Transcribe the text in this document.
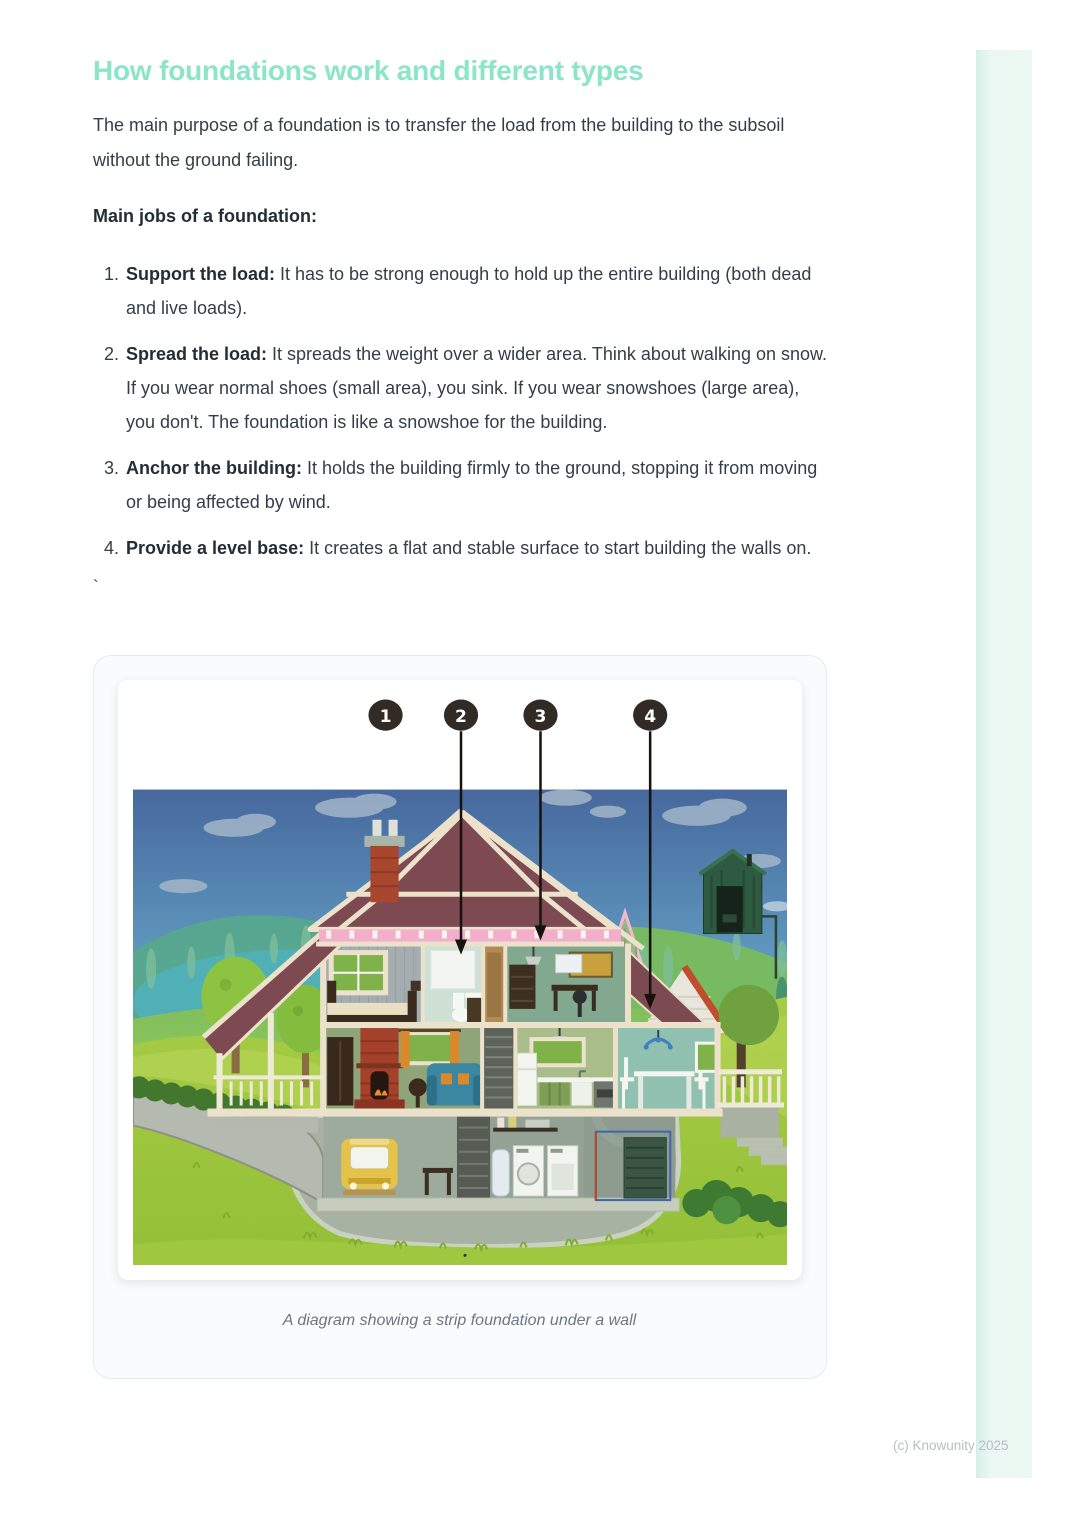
How foundations work and different types

The main purpose of a foundation is to transfer the load from the building to the subsoil without the ground failing.

Main jobs of a foundation:
1. Support the load: It has to be strong enough to hold up the entire building (both dead and live loads).
2. Spread the load: It spreads the weight over a wider area. Think about walking on snow. If you wear normal shoes (small area), you sink. If you wear snowshoes (large area), you don't. The foundation is like a snowshoe for the building.
3. Anchor the building: It holds the building firmly to the ground, stopping it from moving or being affected by wind.
4. Provide a level base: It creates a flat and stable surface to start building the walls on.
`
1	2	3	4
A diagram showing a strip foundation under a wall
(c) Knowunity 2025
